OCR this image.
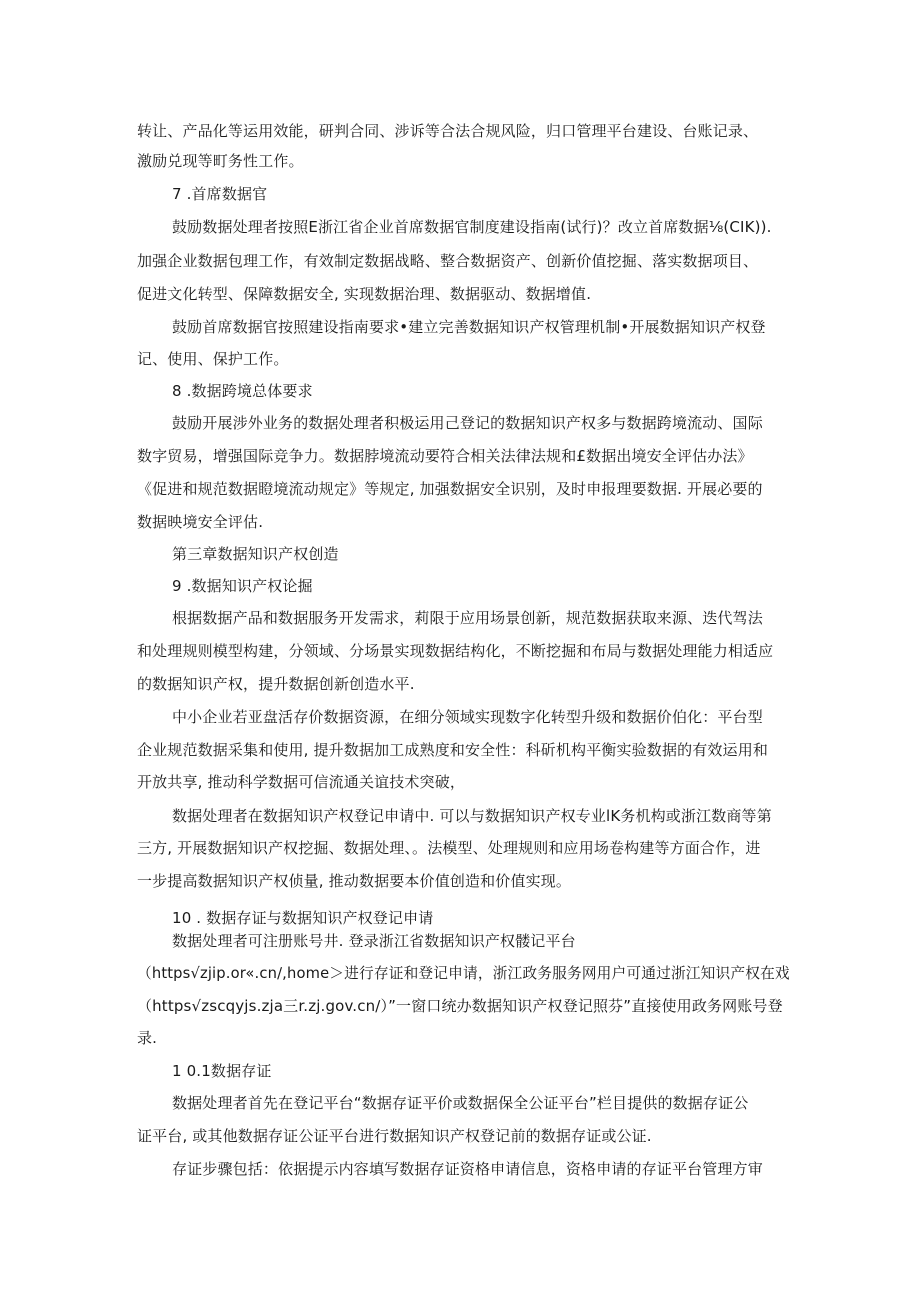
转让、产品化等运用效能，研判合同、涉诉等合法合规风险，归口管理平台建设、台账记录、
激励兑现等町务性工作。
7 .首席数据官
鼓励数据处理者按照E浙江省企业首席数据官制度建设指南(试行)？改立首席数据⅛(CIK)).
加强企业数据包理工作，有效制定数据战略、整合数据资产、创新价值挖掘、落实数据项目、
促进文化转型、保障数据安全, 实现数据治理、数据驱动、数据增值.
鼓励首席数据官按照建设指南要求•建立完善数据知识产权管理机制•开展数据知识产权登
记、使用、保护工作。
8 .数据跨境总体要求
鼓励开展涉外业务的数据处理者积极运用己登记的数据知识产权多与数据跨境流动、国际
数字贸易，增强国际竞争力。数据脖境流动要符合相关法律法规和£数据出境安全评估办法》
《促进和规范数据瞪境流动规定》等规定, 加强数据安全识别，及时申报理要数据. 开展必要的
数据映境安全评估.
第三章数据知识产权创造
9 .数据知识产权论掘
根据数据产品和数据服务开发需求，莉限于应用场景创新，规范数据获取来源、迭代驾法
和处理规则模型构建，分领域、分场景实现数据结构化，不断挖掘和布局与数据处理能力相适应
的数据知识产权，提升数据创新创造水平.
中小企业若亚盘活存价数据资源，在细分领域实现数字化转型升级和数据价伯化：平台型
企业规范数据采集和使用, 提升数据加工成熟度和安全性：科斫机构平衡实验数据的有效运用和
开放共享, 推动科学数据可信流通关谊技术突破，
数据处理者在数据知识产权登记申请中. 可以与数据知识产权专业lK务机构或浙江数商等第
三方, 开展数据知识产权挖掘、数据处理、。法模型、处理规则和应用场卷构建等方面合作，进
一步提高数据知识产权侦量, 推动数据要本价值创造和价值实现。
10 . 数据存证与数据知识产权登记申请
数据处理者可注册账号井. 登录浙江省数据知识产权髅记平台
（https√zjip.or«.cn∕,home＞进行存证和登记申请，浙江政务服务网用户可通过浙江知识产权在戏
（https√zscqyjs.zja三r.zj.gov.cn∕）”一窗口统办数据知识产权登记照芬”直接使用政务网账号登
录.
1 0.1数据存证
数据处理者首先在登记平台“数据存证平价或数据保全公证平台”栏目提供的数据存证公
证平台, 或其他数据存证公证平台进行数据知识产权登记前的数据存证或公证.
存证步骤包括：依据提示内容填写数据存证资格申请信息，资格申请的存证平台管理方审
